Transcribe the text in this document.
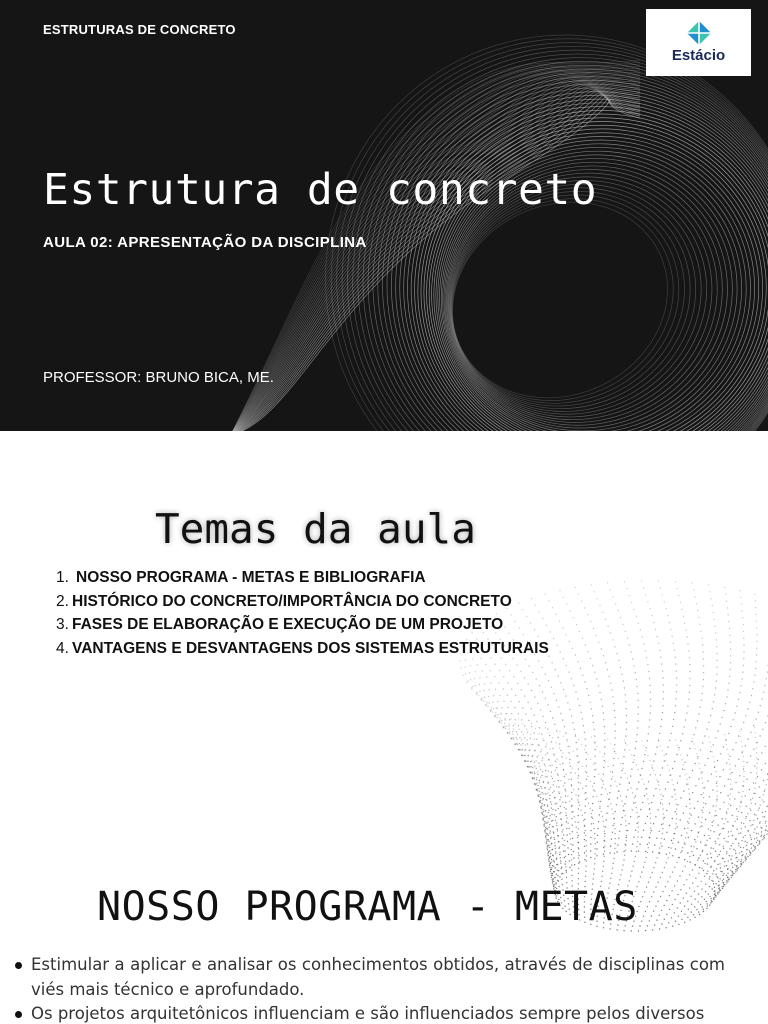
ESTRUTURAS DE CONCRETO
Estácio
Estrutura de concreto
AULA 02: APRESENTAÇÃO DA DISCIPLINA
PROFESSOR: BRUNO BICA, ME.
Temas da aula
1. NOSSO PROGRAMA - METAS E BIBLIOGRAFIA
2. HISTÓRICO DO CONCRETO/IMPORTÂNCIA DO CONCRETO
3. FASES DE ELABORAÇÃO E EXECUÇÃO DE UM PROJETO
4. VANTAGENS E DESVANTAGENS DOS SISTEMAS ESTRUTURAIS
NOSSO PROGRAMA - METAS
Estimular a aplicar e analisar os conhecimentos obtidos, através de disciplinas com viés mais técnico e aprofundado.
Os projetos arquitetônicos influenciam e são influenciados sempre pelos diversos
